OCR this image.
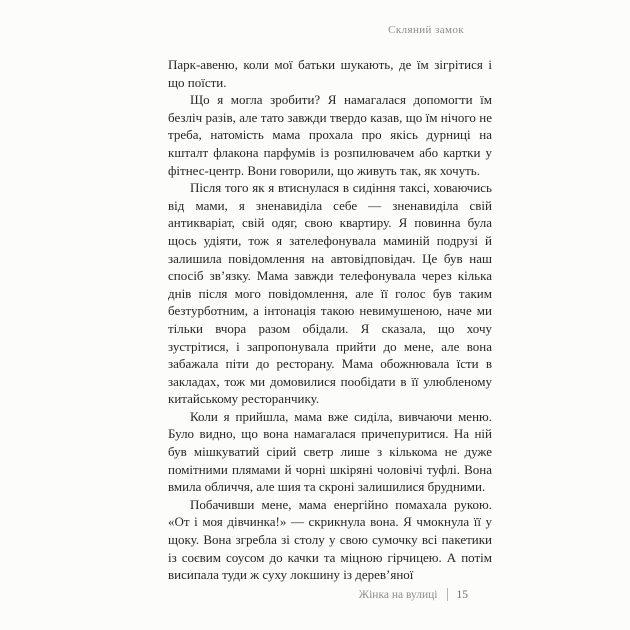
Скляний замок

Парк-авеню, коли мої батьки шукають, де їм зігрітися і що поїсти.

Що я могла зробити? Я намагалася допомогти їм безліч разів, але тато завжди твердо казав, що їм нічого не треба, натомість мама прохала про якісь дурниці на кшталт флакона парфумів із розпилювачем або картки у фітнес-центр. Вони говорили, що живуть так, як хочуть.

Після того як я втиснулася в сидіння таксі, ховаючись від мами, я зненавиділа себе — зненавиділа свій антикваріат, свій одяг, свою квартиру. Я повинна була щось удіяти, тож я зателефонувала маминій подрузі й залишила повідомлення на автовідповідач. Це був наш спосіб зв’язку. Мама завжди телефонувала через кілька днів після мого повідомлення, але її голос був таким безтурботним, а інтонація такою невимушеною, наче ми тільки вчора разом обідали. Я сказала, що хочу зустрітися, і запропонувала прийти до мене, але вона забажала піти до ресторану. Мама обожнювала їсти в закладах, тож ми домовилися пообідати в її улюбленому китайському ресторанчику.

Коли я прийшла, мама вже сиділа, вивчаючи меню. Було видно, що вона намагалася причепуритися. На ній був мішкуватий сірий светр лише з кількома не дуже помітними плямами й чорні шкіряні чоловічі туфлі. Вона вмила обличчя, але шия та скроні залишилися брудними.

Побачивши мене, мама енергійно помахала рукою. «От і моя дівчинка!» — скрикнула вона. Я чмокнула її у щоку. Вона згребла зі столу у свою сумочку всі пакетики із соєвим соусом до качки та міцною гірчицею. А потім висипала туди ж суху локшину із дерев’яної

Жінка на вулиці 15
